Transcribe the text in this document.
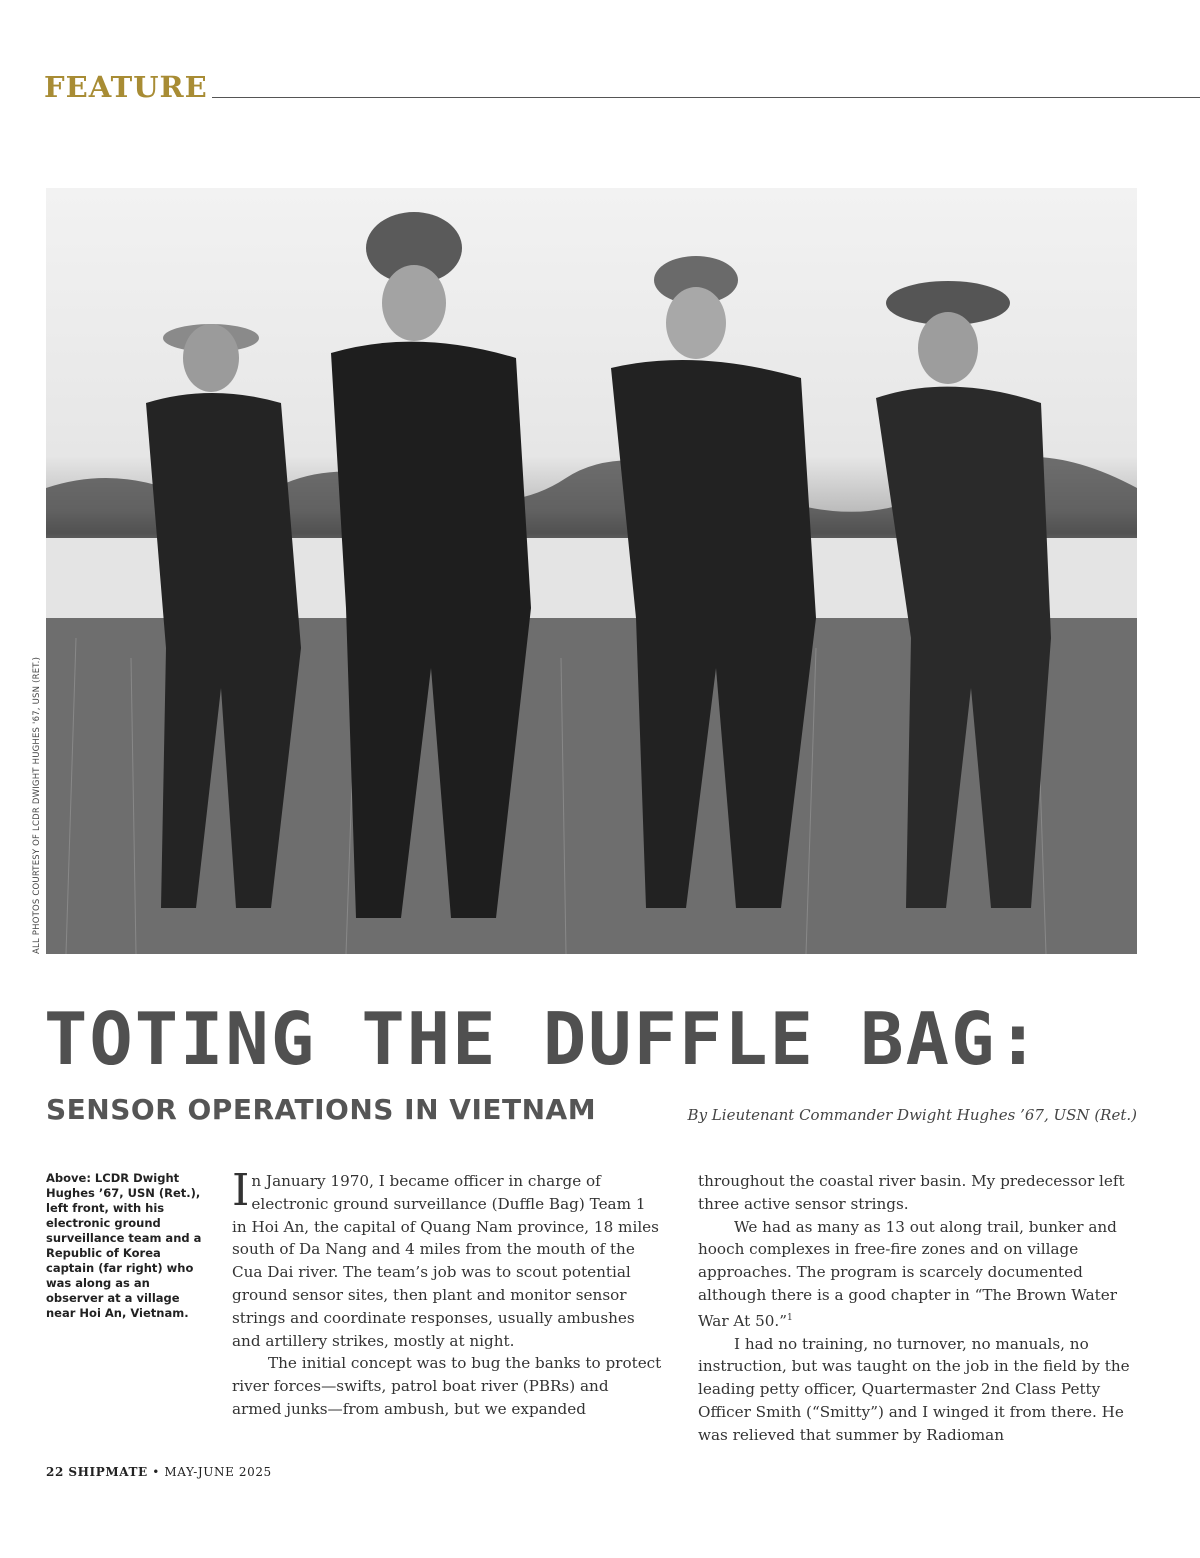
FEATURE
ALL PHOTOS COURTESY OF LCDR DWIGHT HUGHES '67, USN (RET.)
TOTING THE DUFFLE BAG:
SENSOR OPERATIONS IN VIETNAM	By Lieutenant Commander Dwight Hughes ’67, USN (Ret.)
Above: LCDR Dwight Hughes ’67, USN (Ret.), left front, with his electronic ground surveillance team and a Republic of Korea captain (far right) who was along as an observer at a village near Hoi An, Vietnam.

In January 1970, I became officer in charge of electronic ground surveillance (Duffle Bag) Team 1 in Hoi An, the capital of Quang Nam province, 18 miles south of Da Nang and 4 miles from the mouth of the Cua Dai river. The team’s job was to scout potential ground sensor sites, then plant and monitor sensor strings and coordinate responses, usually ambushes and artillery strikes, mostly at night.

The initial concept was to bug the banks to protect river forces—swifts, patrol boat river (PBRs) and armed junks—from ambush, but we expanded

throughout the coastal river basin. My predecessor left three active sensor strings.

We had as many as 13 out along trail, bunker and hooch complexes in free-fire zones and on village approaches. The program is scarcely documented although there is a good chapter in “The Brown Water War At 50.”$^1$

I had no training, no turnover, no manuals, no instruction, but was taught on the job in the field by the leading petty officer, Quartermaster 2nd Class Petty Officer Smith (“Smitty”) and I winged it from there. He was relieved that summer by Radioman

22 SHIPMATE • MAY-JUNE 2025
